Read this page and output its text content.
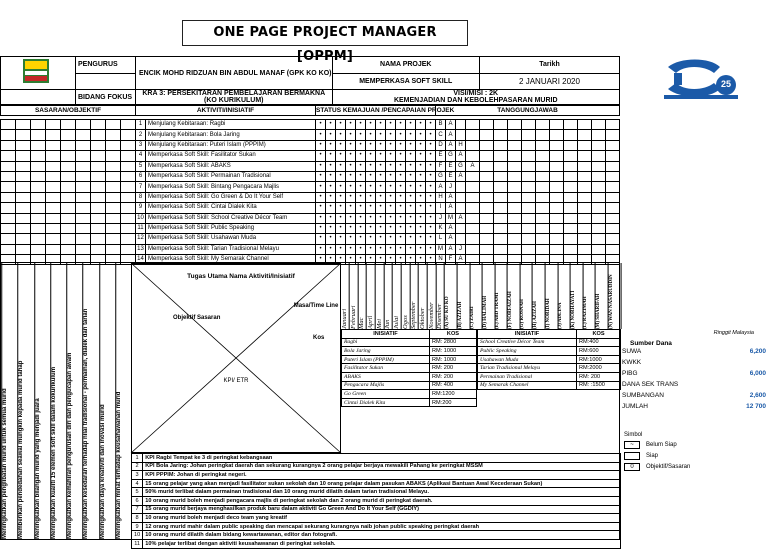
ONE PAGE PROJECT MANAGER [OPPM]
	PENGURUS	ENCIK MOHD RIDZUAN BIN ABDUL MANAF (GPK KO KO)	NAMA PROJEK	Tarikh
			MEMPERKASA SOFT SKILL	2 JANUARI 2020
	BIDANG FOKUS	KRA 3: PERSEKITARAN PEMBELAJARAN BERMAKNA (KO KURIKULUM)	VISI/MISI : 2K
KEMENJADIAN DAN KEBOLEHPASARAN MURID	
SASARAN/OBJEKTIF	AKTIVITI/INISIATIF	STATUS KEMAJUAN /PENCAPAIAN PROJEK	TANGGUNGJAWAB
									1	Menjulang Kebitaraan: Ragbi	•	•	•	•	•	•	•	•	•	•	•	•	B	A												
									2	Menjulang Kebitaraan: Bola Jaring	•	•	•	•	•	•	•	•	•	•	•	•	C	A												
									3	Menjulang Kebitaraan: Puteri Islam (PPPIM)	•	•	•	•	•	•	•	•	•	•	•	•	D	A	H											
									4	Memperkasa Soft Skill: Fasilitator Sukan	•	•	•	•	•	•	•	•	•	•	•	•	E	G	A											
									5	Memperkasa Soft Skill: ABAKS	•	•	•	•	•	•	•	•	•	•	•	•	F	E	G	A										
									6	Memperkasa Soft Skill: Permainan Tradisional	•	•	•	•	•	•	•	•	•	•	•	•	G	E	A											
									7	Memperkasa Soft Skill: Bintang Pengacara Majlis	•	•	•	•	•	•	•	•	•	•	•	•	A	J												
									8	Memperkasa Soft Skill: Go Green & Do It Your Self	•	•	•	•	•	•	•	•	•	•	•	•	H	A												
									9	Memperkasa Soft Skill: Cintai Dialek Kita	•	•	•	•	•	•	•	•	•	•	•	•	I	A												
									10	Memperkasa Soft Skill: School Creative Décor Team	•	•	•	•	•	•	•	•	•	•	•	•	J	M	A											
									11	Memperkasa Soft Skill: Public Speaking	•	•	•	•	•	•	•	•	•	•	•	•	K	A												
									12	Memperkasa Soft Skill: Usahawan Muda	•	•	•	•	•	•	•	•	•	•	•	•	L	A												
									13	Memperkasa Soft Skill: Tarian Tradisional Melayu	•	•	•	•	•	•	•	•	•	•	•	•	M	A	J											
									14	Memperkasa Soft Skill: My Semarak Channel	•	•	•	•	•	•	•	•	•	•	•	•	N	F	A											
Meningkatkan penglibatan murid untuk semua murid	Memberikan pendedahan seawal mungkin kepada murid tahap	Meningkatkan bilangan murid yang menjadi juara	Meningkatkan kualiti 15 elemen soft skill dalam kokurikulum	Meningkatkan kemahiran pengurusan diri dan pengucapan awam	Meningkatkan kesedaran terhadap nilai tradisional - permainan, dialek dan tarian	Meningkatkan daya kreativiti dan inovasi murid	Meningkatkan minat terhadap keusahawanan murid
Tugas Utama Nama Aktiviti/Inisiatif
Masa/Time Line
Objektif Sasaran
Kos
KPI/ ETR
Januari Februari Mac April Mei Jun Julai Ogos September Oktober November Disember (A) SU KO KO	(B) AZIZAH	(C) ZAIRI	(D) HALIMAH	(E) ABD TRAMI	(F) NORFAIZAH	(G) ROSNAH	(H) AZIZAH	(I) NORIDAH	(J) ADLINA	(K) NORHAYATI	(L) RAZIMAH	(M) SHARIFAH	(N) WAN NASARUDDIN
INISIATIF	KOS
Ragbi	RM: 2800
Bola Jaring	RM: 1000
Puteri Islam (PPPIM)	RM: 1000
Fasilitator Sukan	RM: 200
ABAKS	RM: 200
Pengacara Majlis	RM: 400
Go Green	RM:1200
Cintai Dialek Kita	RM:200
INISIATIF	KOS
School Creative Décor Team	RM:400
Public Speaking	RM:600
Usahawan Muda	RM:1000
Tarian Tradisional Melayu	RM:2000
Permainan Tradisional	RM: 200
My Semarak Channel	RM: :1500
1	KPI Ragbi Tempat ke 3 di peringkat kebangsaan
2	KPI Bola Jaring: Johan peringkat daerah dan sekurang kurangnya 2 orang pelajar berjaya mewakili Pahang ke peringkat MSSM
3	KPI PPPIM: Johan di peringkat negeri.
4	15 orang pelajar yang akan menjadi fasilitator sukan sekolah dan 10 orang pelajar dalam pasukan ABAKS (Aplikasi Bantuan Awal Kecederaan Sukan)
5	50% murid terlibat dalam permainan tradisional dan 10 orang murid dilatih dalam tarian tradisional Melayu.
6	10 orang murid boleh menjadi pengacara majlis di peringkat sekolah dan 2 orang murid di peringkat daerah.
7	15 orang murid berjaya menghasilkan produk baru dalam aktiviti Go Green And Do It Your Self (GGDIY)
8	10 orang murid boleh menjadi deco team yang kreatif
9	12 orang murid mahir dalam public speaking dan mencapai sekurang kurangnya naib johan public speaking peringkat daerah
10	10 orang murid dilatih dalam bidang kewartawanan, editor dan fotografi.
11	10% pelajar terlibat dengan aktiviti keusahawanan di peringkat sekolah.
25
Ringgit Malaysia
Sumber Dana
SUWA	6,200
KWKK
PIBG	6,000
DANA SEK TRANS
SUMBANGAN	2,600
JUMLAH	12 700
Simbol
~	Belum Siap
Siap
0	Objektif/Sasaran
